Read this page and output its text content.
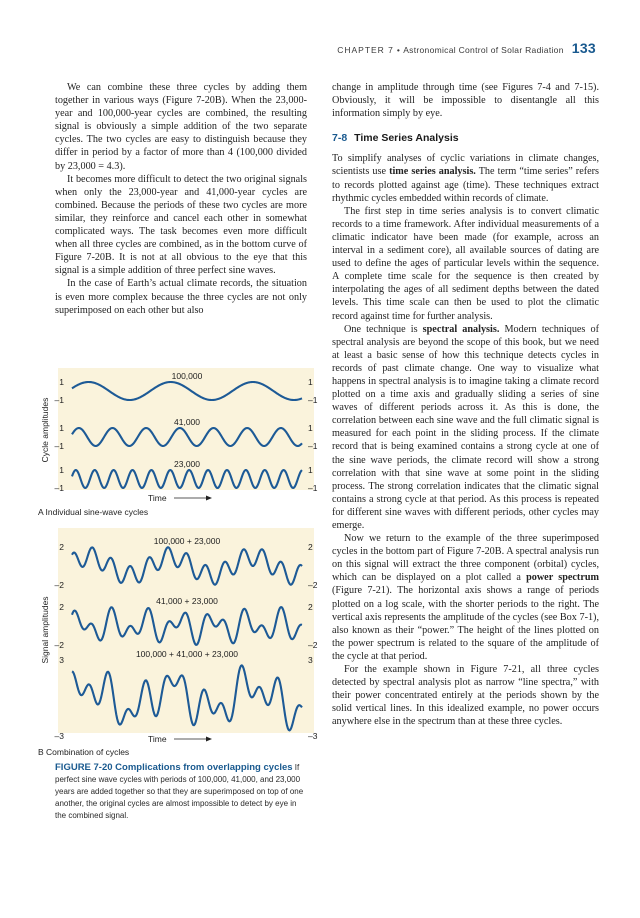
CHAPTER 7 • Astronomical Control of Solar Radiation 133

We can combine these three cycles by adding them together in various ways (Figure 7-20B). When the 23,000-year and 100,000-year cycles are combined, the resulting signal is obviously a simple addition of the two separate cycles. The two cycles are easy to distinguish because they differ in period by a factor of more than 4 (100,000 divided by 23,000 = 4.3).

It becomes more difficult to detect the two original signals when only the 23,000-year and 41,000-year cycles are combined. Because the periods of these two cycles are more similar, they reinforce and cancel each other in somewhat complicated ways. The task becomes even more difficult when all three cycles are combined, as in the bottom curve of Figure 7-20B. It is not at all obvious to the eye that this signal is a simple addition of three perfect sine waves.

In the case of Earth’s actual climate records, the situation is even more complex because the three cycles are not only superimposed on each other but also

change in amplitude through time (see Figures 7-4 and 7-15). Obviously, it will be impossible to disentangle all this information simply by eye.

7-8 Time Series Analysis

To simplify analyses of cyclic variations in climate changes, scientists use time series analysis. The term “time series” refers to records plotted against age (time). These techniques extract rhythmic cycles embedded within records of climate.

The first step in time series analysis is to convert climatic records to a time framework. After individual measurements of a climatic indicator have been made (for example, across an interval in a sediment core), all available sources of dating are used to define the ages of particular levels within the sequence. A complete time scale for the sequence is then created by interpolating the ages of all sediment depths between the dated levels. This time scale can then be used to plot the climatic record against time for further analysis.

One technique is spectral analysis. Modern techniques of spectral analysis are beyond the scope of this book, but we need at least a basic sense of how this technique detects cycles in records of past climate change. One way to visualize what happens in spectral analysis is to imagine taking a climate record plotted on a time axis and gradually sliding a series of sine waves of different periods across it. As this is done, the correlation between each sine wave and the full climatic signal is measured for each point in the sliding process. If the climate record that is being examined contains a strong cycle at one of the sine wave periods, the climate record will show a strong correlation with that sine wave at some point in the sliding process. The strong correlation indicates that the climatic signal contains a strong cycle at that period. As this process is repeated for different sine waves with different periods, other cycles may emerge.

Now we return to the example of the three superimposed cycles in the bottom part of Figure 7-20B. A spectral analysis run on this signal will extract the three component (orbital) cycles, which can be displayed on a plot called a power spectrum (Figure 7-21). The horizontal axis shows a range of periods plotted on a log scale, with the shorter periods to the right. The vertical axis represents the amplitude of the cycles (see Box 7-1), also known as their “power.” The height of the lines plotted on the power spectrum is related to the square of the amplitude of the cycle at that period.

For the example shown in Figure 7-21, all three cycles detected by spectral analysis plot as narrow “line spectra,” with their power concentrated entirely at the periods shown by the solid vertical lines. In this idealized example, no power occurs anywhere else in the spectrum than at these three cycles.

Cycle amplitudes
1
–1
1
–1
100,000
1
–1
1
–1
41,000
1
–1
1
–1
23,000
Time
A Individual sine-wave cycles
Signal amplitudes
2
–2
2
–2
100,000 + 23,000
2
–2
2
–2
41,000 + 23,000
3
–3
3
–3
100,000 + 41,000 + 23,000
Time
B Combination of cycles
FIGURE 7-20 Complications from overlapping cycles If perfect sine wave cycles with periods of 100,000, 41,000, and 23,000 years are added together so that they are superimposed on top of one another, the original cycles are almost impossible to detect by eye in the combined signal.
